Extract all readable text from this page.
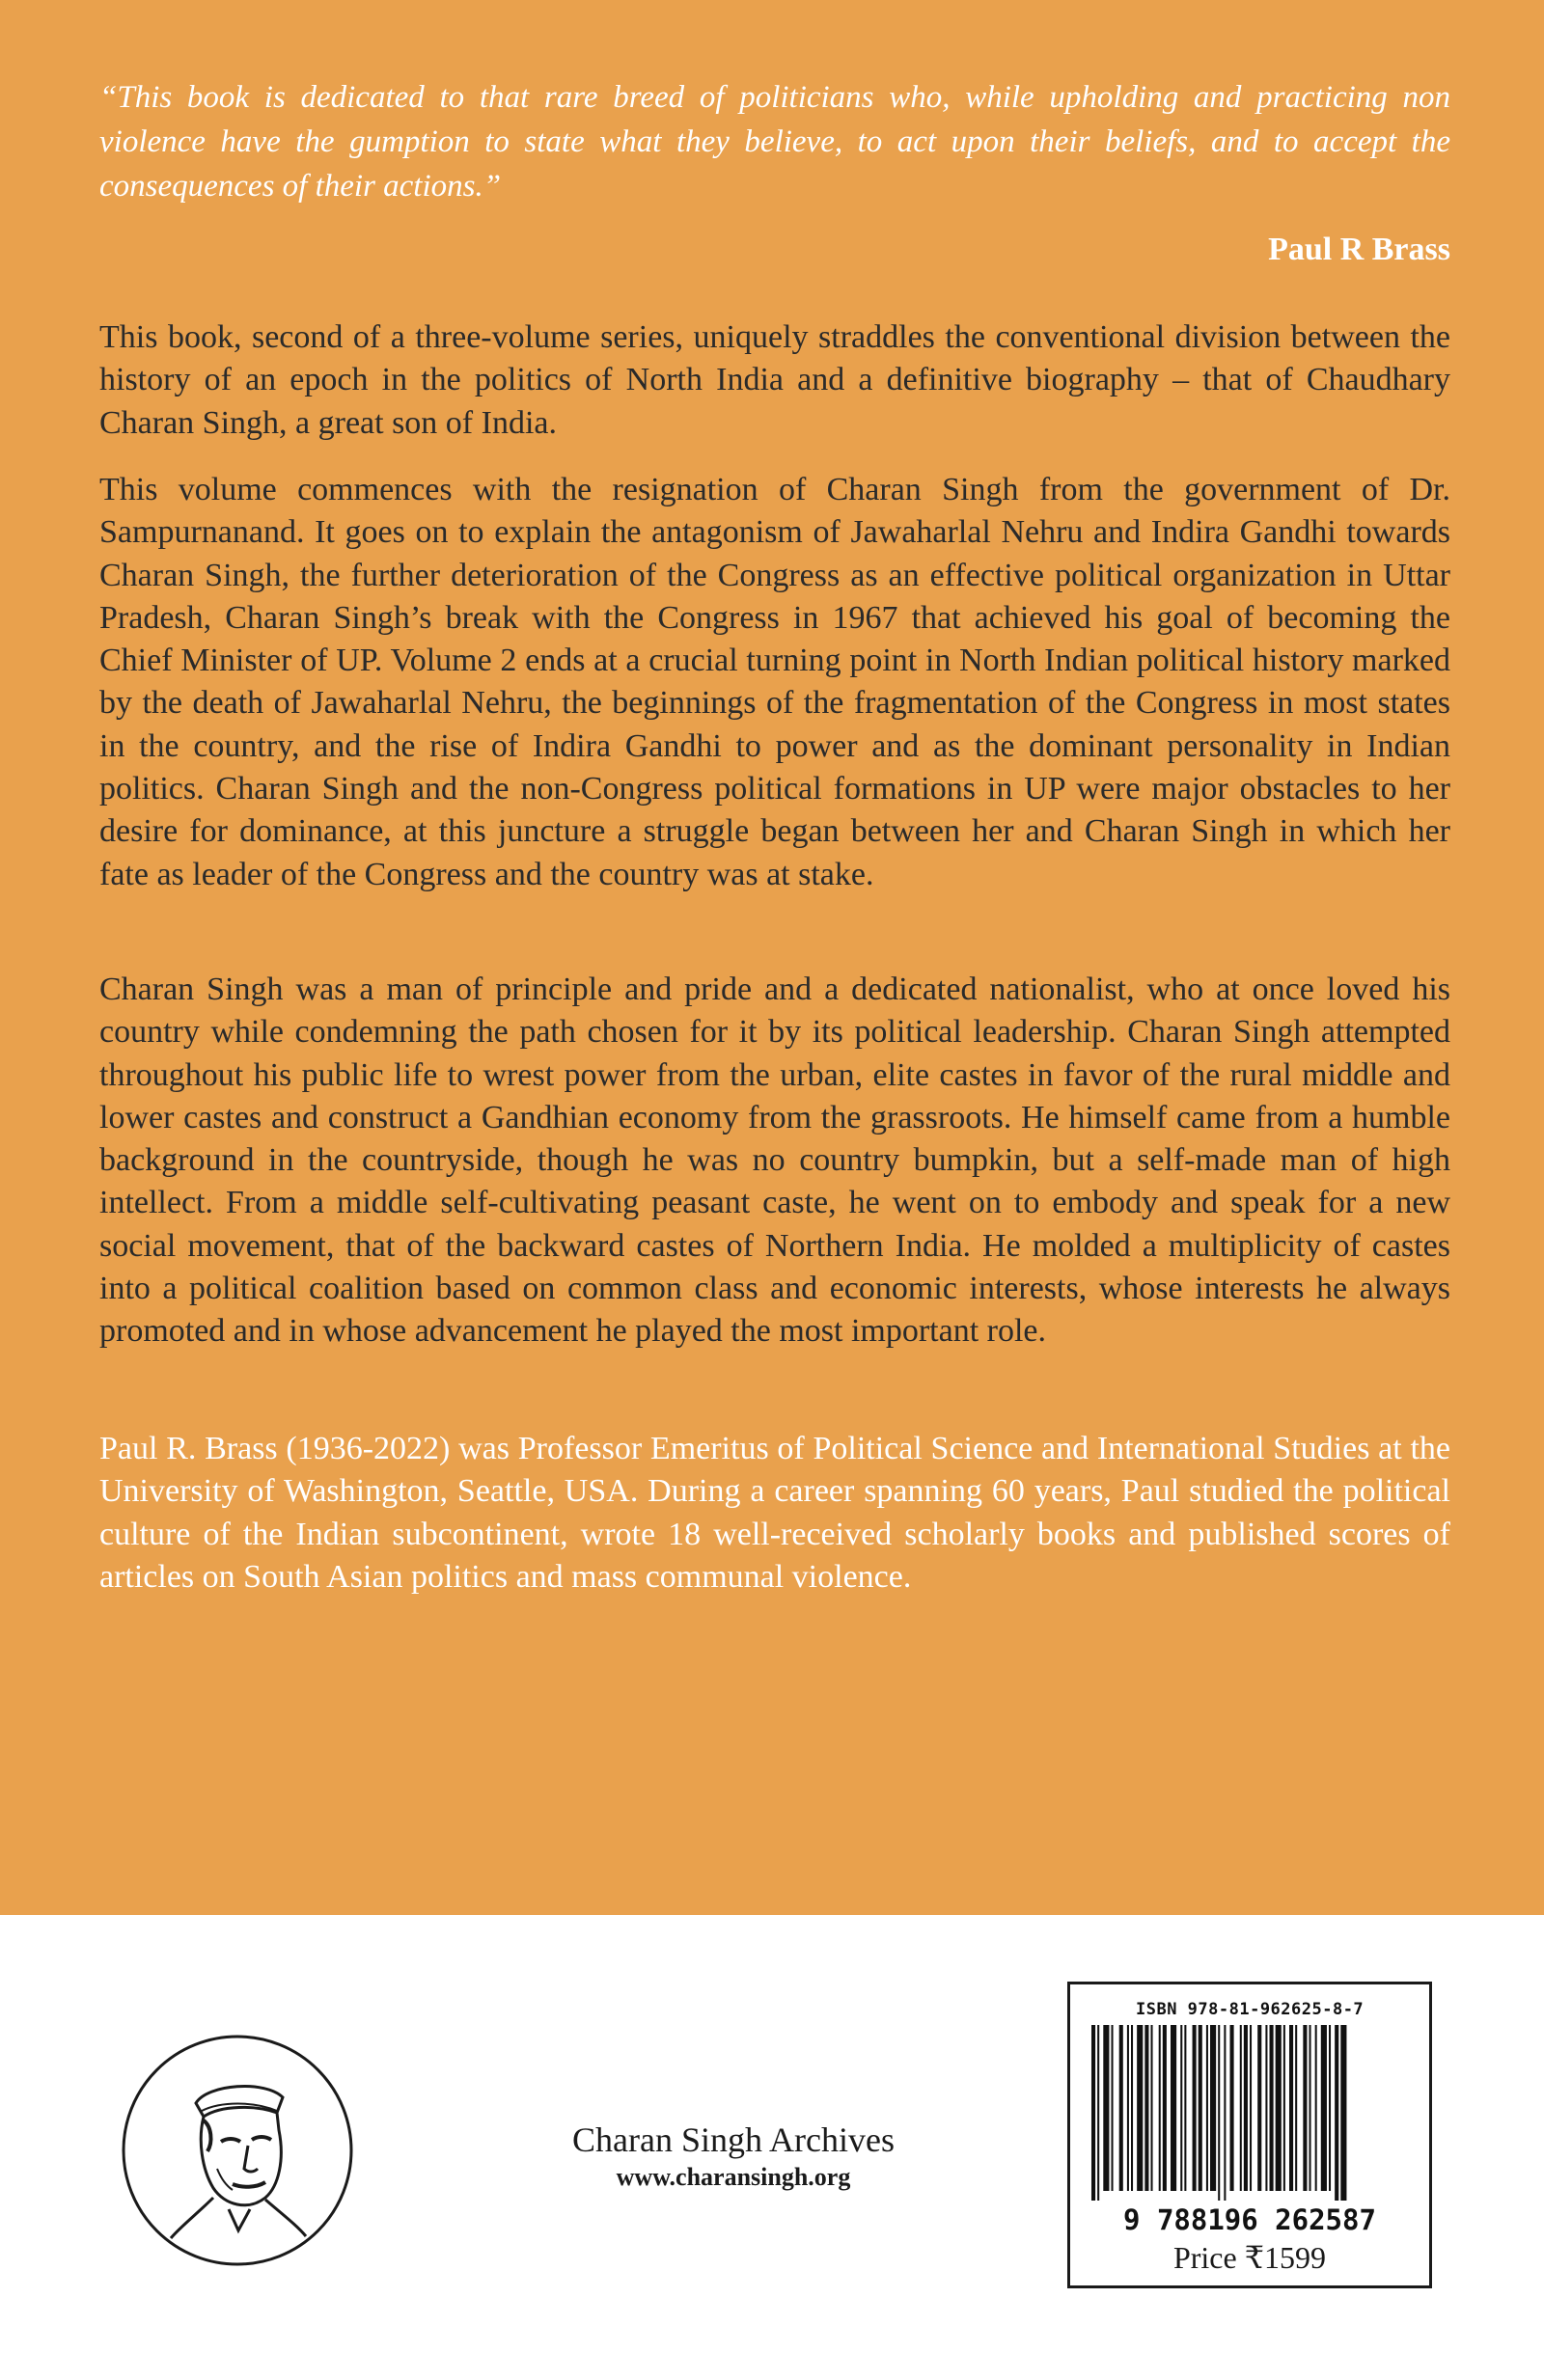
“This book is dedicated to that rare breed of politicians who, while upholding and practicing non violence have the gumption to state what they believe, to act upon their beliefs, and to accept the consequences of their actions.”

Paul R Brass

This book, second of a three-volume series, uniquely straddles the conventional division between the history of an epoch in the politics of North India and a definitive biography – that of Chaudhary Charan Singh, a great son of India.

This volume commences with the resignation of Charan Singh from the government of Dr. Sampurnanand. It goes on to explain the antagonism of Jawaharlal Nehru and Indira Gandhi towards Charan Singh, the further deterioration of the Congress as an effective political organization in Uttar Pradesh, Charan Singh’s break with the Congress in 1967 that achieved his goal of becoming the Chief Minister of UP. Volume 2 ends at a crucial turning point in North Indian political history marked by the death of Jawaharlal Nehru, the beginnings of the fragmentation of the Congress in most states in the country, and the rise of Indira Gandhi to power and as the dominant personality in Indian politics. Charan Singh and the non-Congress political formations in UP were major obstacles to her desire for dominance, at this juncture a struggle began between her and Charan Singh in which her fate as leader of the Congress and the country was at stake.

Charan Singh was a man of principle and pride and a dedicated nationalist, who at once loved his country while condemning the path chosen for it by its political leadership. Charan Singh attempted throughout his public life to wrest power from the urban, elite castes in favor of the rural middle and lower castes and construct a Gandhian economy from the grassroots. He himself came from a humble background in the countryside, though he was no country bumpkin, but a self-made man of high intellect. From a middle self-cultivating peasant caste, he went on to embody and speak for a new social movement, that of the backward castes of Northern India. He molded a multiplicity of castes into a political coalition based on common class and economic interests, whose interests he always promoted and in whose advancement he played the most important role.

Paul R. Brass (1936-2022) was Professor Emeritus of Political Science and International Studies at the University of Washington, Seattle, USA. During a career spanning 60 years, Paul studied the political culture of the Indian subcontinent, wrote 18 well-received scholarly books and published scores of articles on South Asian politics and mass communal violence.

Charan Singh Archives
www.charansingh.org
ISBN 978-81-962625-8-7
9 788196 262587
Price ₹1599
